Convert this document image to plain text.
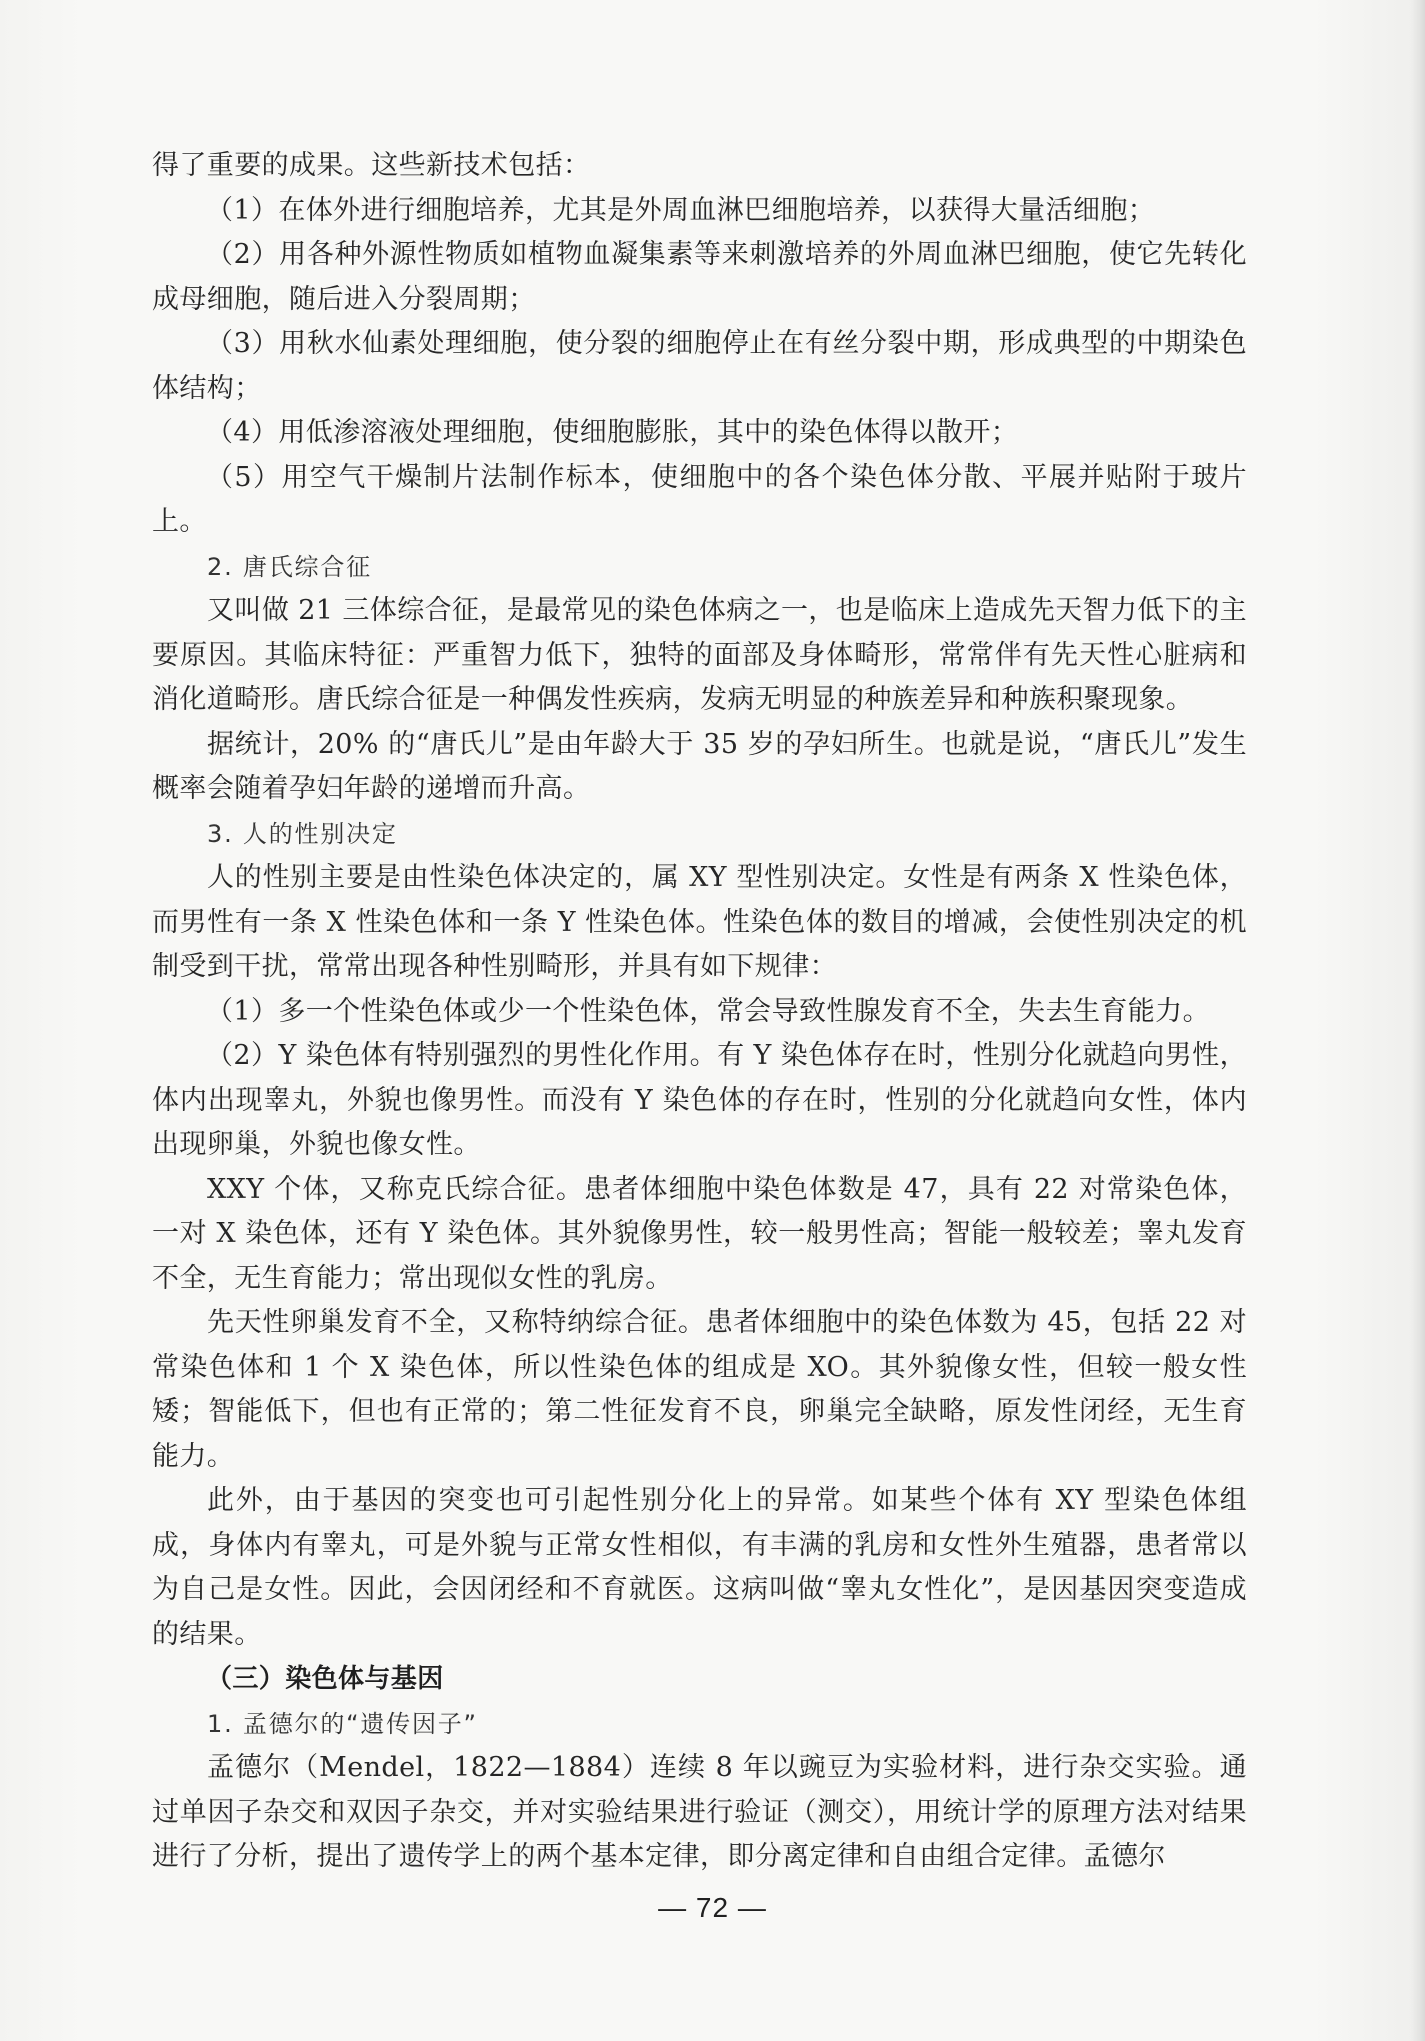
得了重要的成果。这些新技术包括：

（1）在体外进行细胞培养，尤其是外周血淋巴细胞培养，以获得大量活细胞；

（2）用各种外源性物质如植物血凝集素等来刺激培养的外周血淋巴细胞，使它先转化成母细胞，随后进入分裂周期；

（3）用秋水仙素处理细胞，使分裂的细胞停止在有丝分裂中期，形成典型的中期染色体结构；

（4）用低渗溶液处理细胞，使细胞膨胀，其中的染色体得以散开；

（5）用空气干燥制片法制作标本，使细胞中的各个染色体分散、平展并贴附于玻片上。

2. 唐氏综合征

又叫做 21 三体综合征，是最常见的染色体病之一，也是临床上造成先天智力低下的主要原因。其临床特征：严重智力低下，独特的面部及身体畸形，常常伴有先天性心脏病和消化道畸形。唐氏综合征是一种偶发性疾病，发病无明显的种族差异和种族积聚现象。

据统计，20% 的“唐氏儿”是由年龄大于 35 岁的孕妇所生。也就是说，“唐氏儿”发生概率会随着孕妇年龄的递增而升高。

3. 人的性别决定

人的性别主要是由性染色体决定的，属 XY 型性别决定。女性是有两条 X 性染色体，而男性有一条 X 性染色体和一条 Y 性染色体。性染色体的数目的增减，会使性别决定的机制受到干扰，常常出现各种性别畸形，并具有如下规律：

（1）多一个性染色体或少一个性染色体，常会导致性腺发育不全，失去生育能力。

（2）Y 染色体有特别强烈的男性化作用。有 Y 染色体存在时，性别分化就趋向男性，体内出现睾丸，外貌也像男性。而没有 Y 染色体的存在时，性别的分化就趋向女性，体内出现卵巢，外貌也像女性。

XXY 个体，又称克氏综合征。患者体细胞中染色体数是 47，具有 22 对常染色体，一对 X 染色体，还有 Y 染色体。其外貌像男性，较一般男性高；智能一般较差；睾丸发育不全，无生育能力；常出现似女性的乳房。

先天性卵巢发育不全，又称特纳综合征。患者体细胞中的染色体数为 45，包括 22 对常染色体和 1 个 X 染色体，所以性染色体的组成是 XO。其外貌像女性，但较一般女性矮；智能低下，但也有正常的；第二性征发育不良，卵巢完全缺略，原发性闭经，无生育能力。

此外，由于基因的突变也可引起性别分化上的异常。如某些个体有 XY 型染色体组成，身体内有睾丸，可是外貌与正常女性相似，有丰满的乳房和女性外生殖器，患者常以为自己是女性。因此，会因闭经和不育就医。这病叫做“睾丸女性化”，是因基因突变造成的结果。

（三）染色体与基因

1. 孟德尔的“遗传因子”

孟德尔（Mendel，1822—1884）连续 8 年以豌豆为实验材料，进行杂交实验。通过单因子杂交和双因子杂交，并对实验结果进行验证（测交），用统计学的原理方法对结果进行了分析，提出了遗传学上的两个基本定律，即分离定律和自由组合定律。孟德尔

— 72 —
